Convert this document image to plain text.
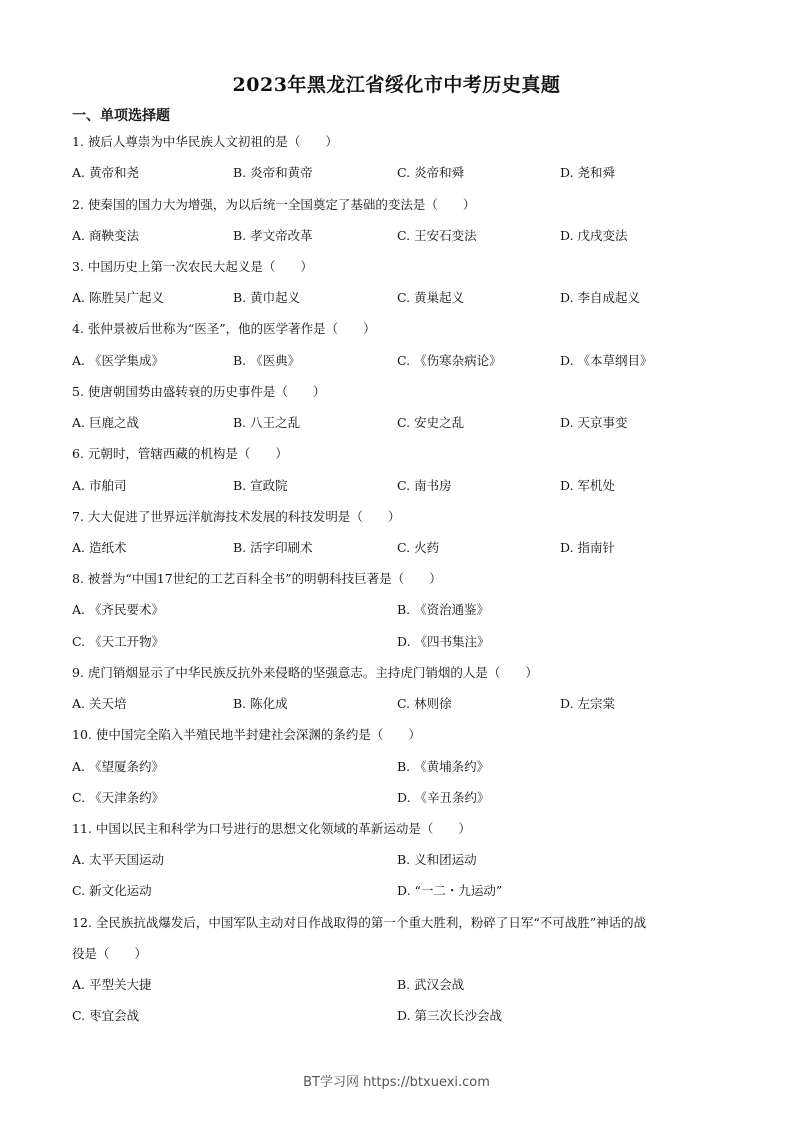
2023年黑龙江省绥化市中考历史真题
一、单项选择题
1. 被后人尊崇为中华民族人文初祖的是（　　）
A. 黄帝和尧	B. 炎帝和黄帝	C. 炎帝和舜	D. 尧和舜
2. 使秦国的国力大为增强，为以后统一全国奠定了基础的变法是（　　）
A. 商鞅变法	B. 孝文帝改革	C. 王安石变法	D. 戊戌变法
3. 中国历史上第一次农民大起义是（　　）
A. 陈胜吴广起义	B. 黄巾起义	C. 黄巢起义	D. 李自成起义
4. 张仲景被后世称为“医圣”，他的医学著作是（　　）
A. 《医学集成》	B. 《医典》	C. 《伤寒杂病论》	D. 《本草纲目》
5. 使唐朝国势由盛转衰的历史事件是（　　）
A. 巨鹿之战	B. 八王之乱	C. 安史之乱	D. 天京事变
6. 元朝时，管辖西藏的机构是（　　）
A. 市舶司	B. 宣政院	C. 南书房	D. 军机处
7. 大大促进了世界远洋航海技术发展的科技发明是（　　）
A. 造纸术	B. 活字印刷术	C. 火药	D. 指南针
8. 被誉为“中国17世纪的工艺百科全书”的明朝科技巨著是（　　）
A. 《齐民要术》	B. 《资治通鉴》
C. 《天工开物》	D. 《四书集注》
9. 虎门销烟显示了中华民族反抗外来侵略的坚强意志。主持虎门销烟的人是（　　）
A. 关天培	B. 陈化成	C. 林则徐	D. 左宗棠
10. 使中国完全陷入半殖民地半封建社会深渊的条约是（　　）
A. 《望厦条约》	B. 《黄埔条约》
C. 《天津条约》	D. 《辛丑条约》
11. 中国以民主和科学为口号进行的思想文化领域的革新运动是（　　）
A. 太平天国运动	B. 义和团运动
C. 新文化运动	D. “一二・九运动”
12. 全民族抗战爆发后，中国军队主动对日作战取得的第一个重大胜利，粉碎了日军“不可战胜”神话的战
役是（　　）
A. 平型关大捷	B. 武汉会战
C. 枣宜会战	D. 第三次长沙会战
BT学习网 https://btxuexi.com
